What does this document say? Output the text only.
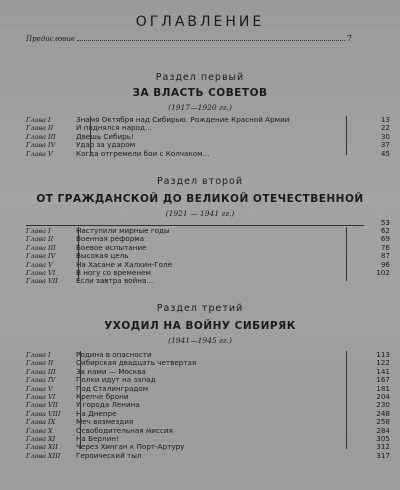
ОГЛАВЛЕНИЕ
Предисловие	7
Раздел первый
ЗА ВЛАСТЬ СОВЕТОВ
(1917—1920 гг.)
Глава I	Знамя Октября над Сибирью. Рождение Красной Армии	13
Глава II	И поднялся народ...	22
Глава III	Двешь Сибирь!	30
Глава IV	Удар за ударом	37
Глава V	Когда отгремели бои с Колчаком...	45
Раздел второй
ОТ ГРАЖДАНСКОЙ ДО ВЕЛИКОЙ ОТЕЧЕСТВЕННОЙ
(1921 — 1941 гг.)
53
Глава I	Наступили мирные годы	62
Глава II	Военная реформа	69
Глава III	Боевое испытание	76
Глава IV	Высокая цель	87
Глава V	На Хасане и Халхин-Голе	96
Глава VI	В ногу со временем	102
Глава VII	Если завтра война...
Раздел третий
УХОДИЛ НА ВОЙНУ СИБИРЯК
(1941—1945 гг.)
Глава I	Родина в опасности	113
Глава II	Сибирская двадцать четвертая	122
Глава III	За нами — Москва	141
Глава IV	Полки идут на запад	167
Глава V	Под Сталинградом	181
Глава VI	Крепче брони	204
Глава VII	У города Ленина	230
Глава VIII	На Днепре	248
Глава IX	Меч возмездия	258
Глава X	Освободительная миссия	284
Глава XI	На Берлин!	305
Глава XII	Через Хинган к Порт-Артуру	312
Глава XIII	Героический тыл	317
